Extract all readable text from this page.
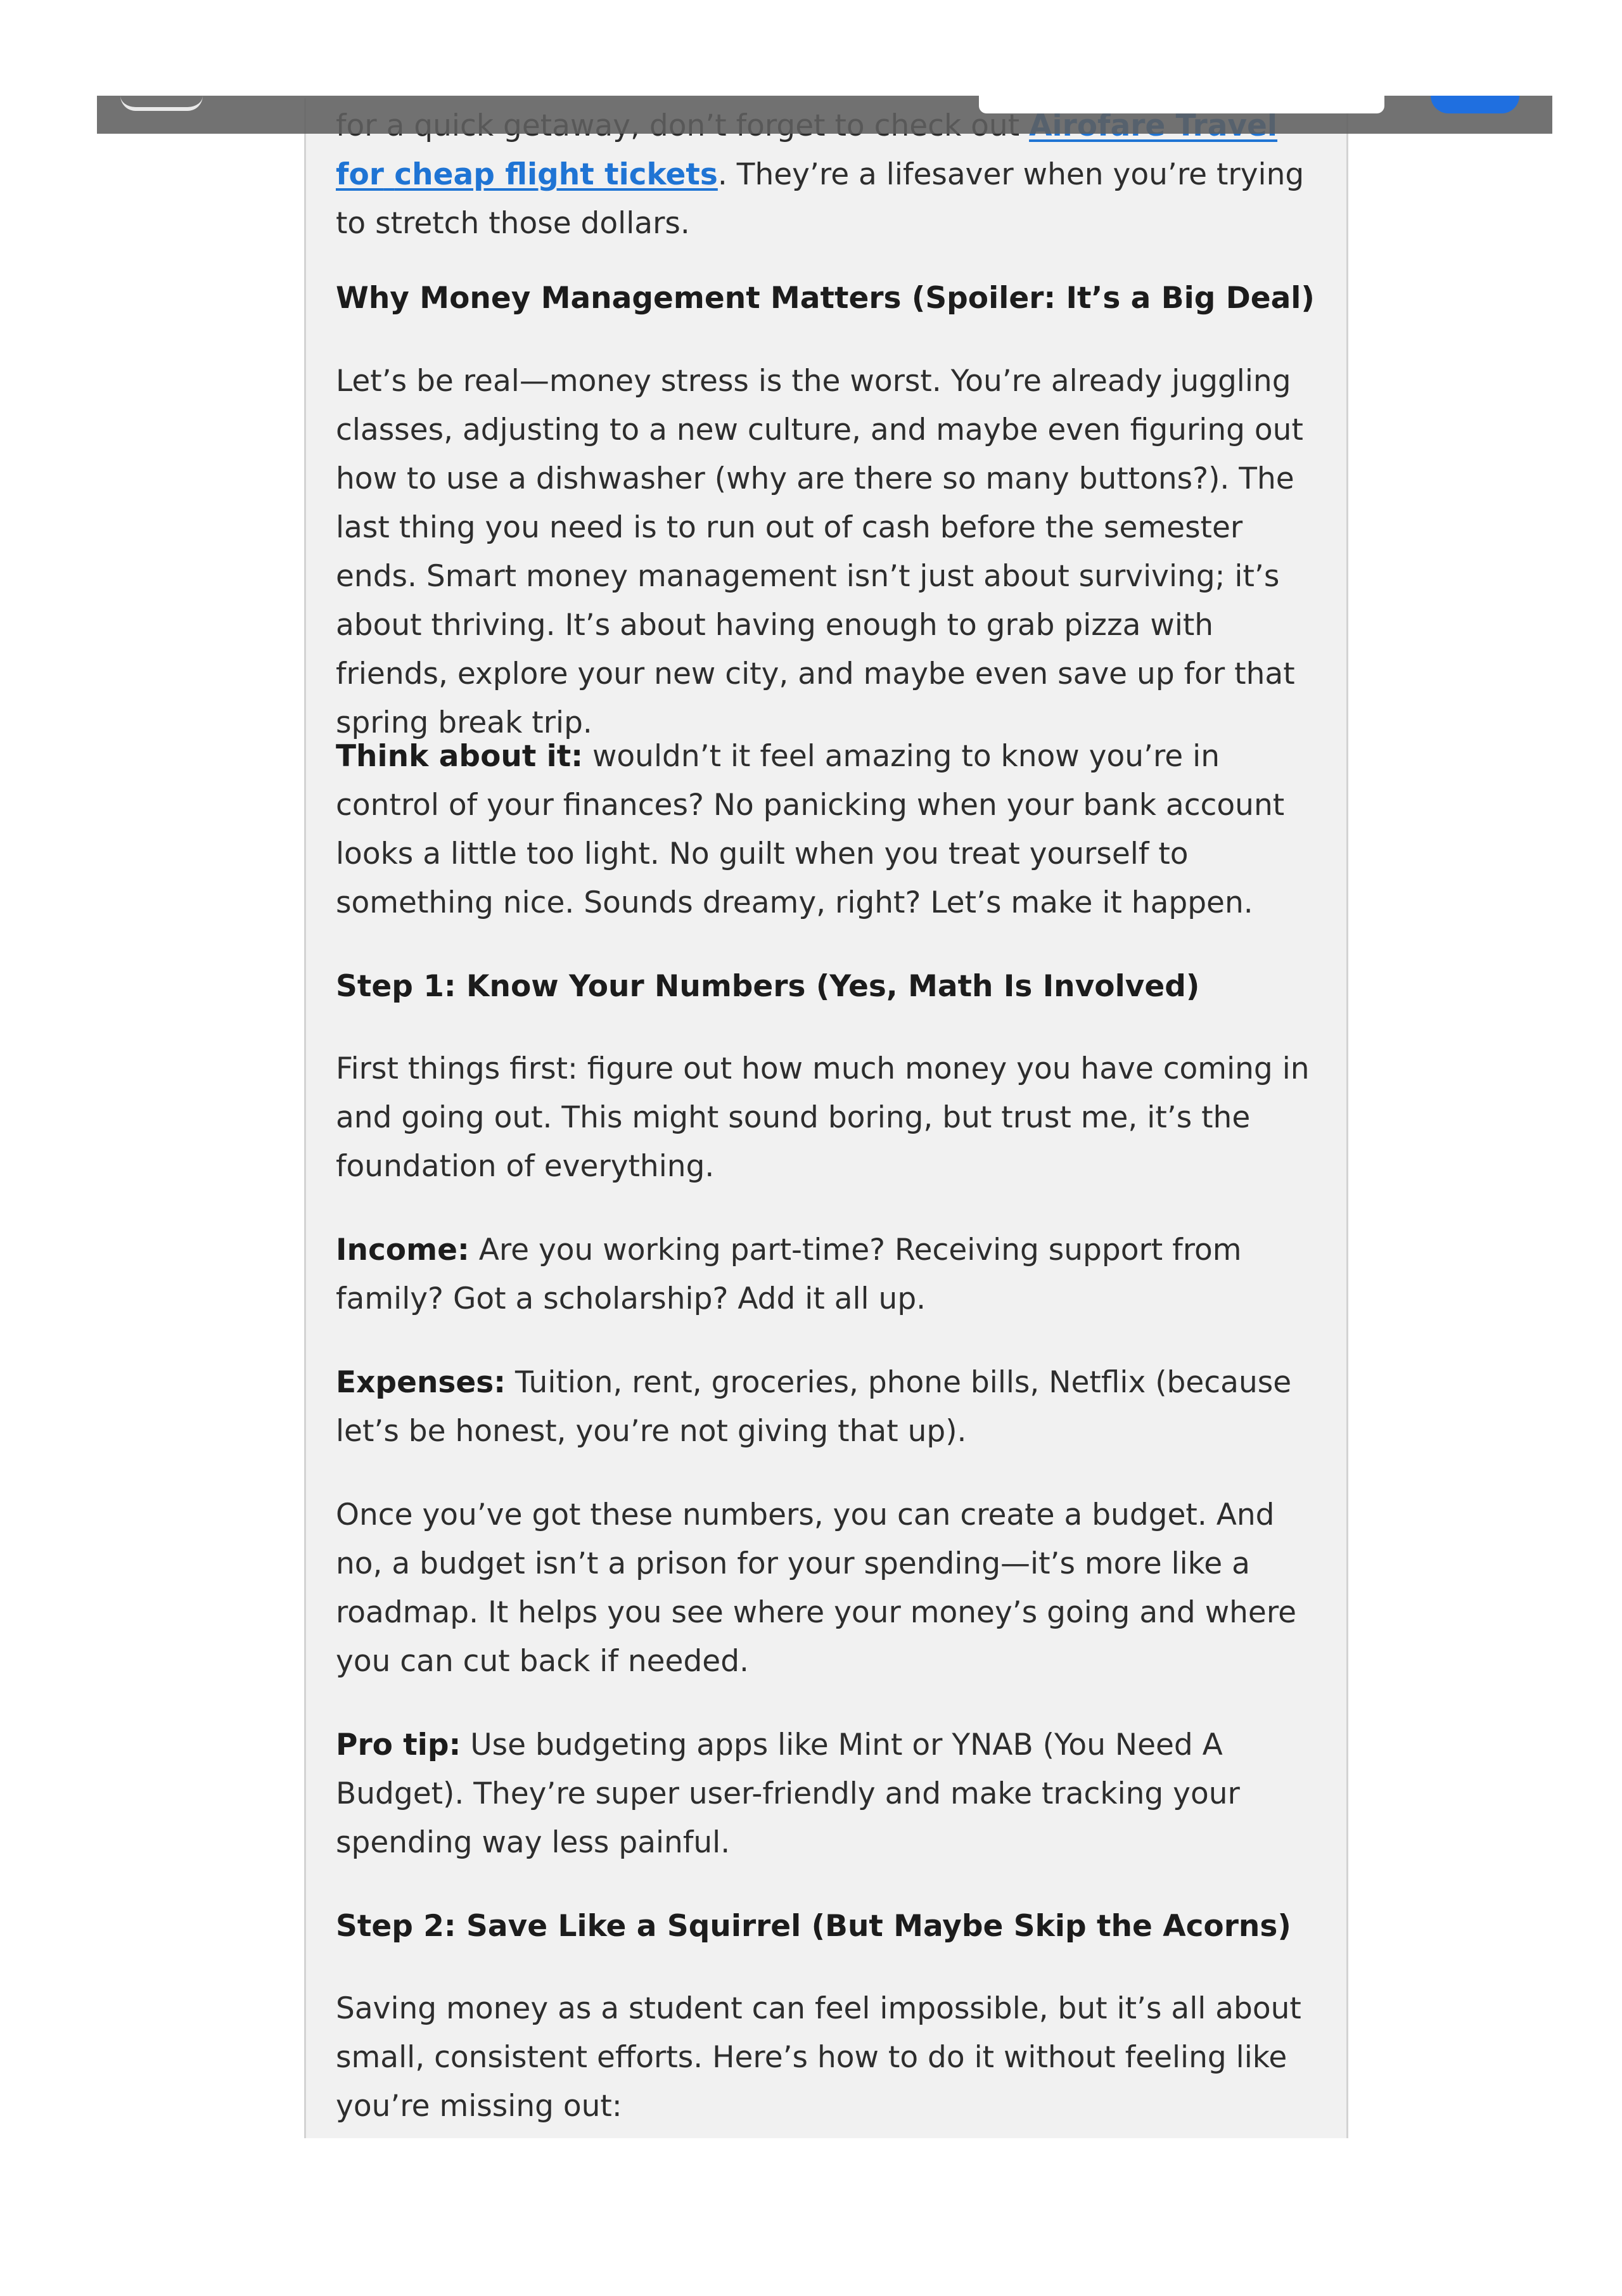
for cheap flight tickets. They’re a lifesaver when you’re trying to stretch those dollars.

Why Money Management Matters (Spoiler: It’s a Big Deal)

Let’s be real—money stress is the worst. You’re already juggling classes, adjusting to a new culture, and maybe even figuring out how to use a dishwasher (why are there so many buttons?). The last thing you need is to run out of cash before the semester ends. Smart money management isn’t just about surviving; it’s about thriving. It’s about having enough to grab pizza with friends, explore your new city, and maybe even save up for that spring break trip.

Think about it: wouldn’t it feel amazing to know you’re in control of your finances? No panicking when your bank account looks a little too light. No guilt when you treat yourself to something nice. Sounds dreamy, right? Let’s make it happen.

Step 1: Know Your Numbers (Yes, Math Is Involved)

First things first: figure out how much money you have coming in and going out. This might sound boring, but trust me, it’s the foundation of everything.

Income: Are you working part-time? Receiving support from family? Got a scholarship? Add it all up.

Expenses: Tuition, rent, groceries, phone bills, Netflix (because let’s be honest, you’re not giving that up).

Once you’ve got these numbers, you can create a budget. And no, a budget isn’t a prison for your spending—it’s more like a roadmap. It helps you see where your money’s going and where you can cut back if needed.

Pro tip: Use budgeting apps like Mint or YNAB (You Need A Budget). They’re super user-friendly and make tracking your spending way less painful.

Step 2: Save Like a Squirrel (But Maybe Skip the Acorns)

Saving money as a student can feel impossible, but it’s all about small, consistent efforts. Here’s how to do it without feeling like you’re missing out:
